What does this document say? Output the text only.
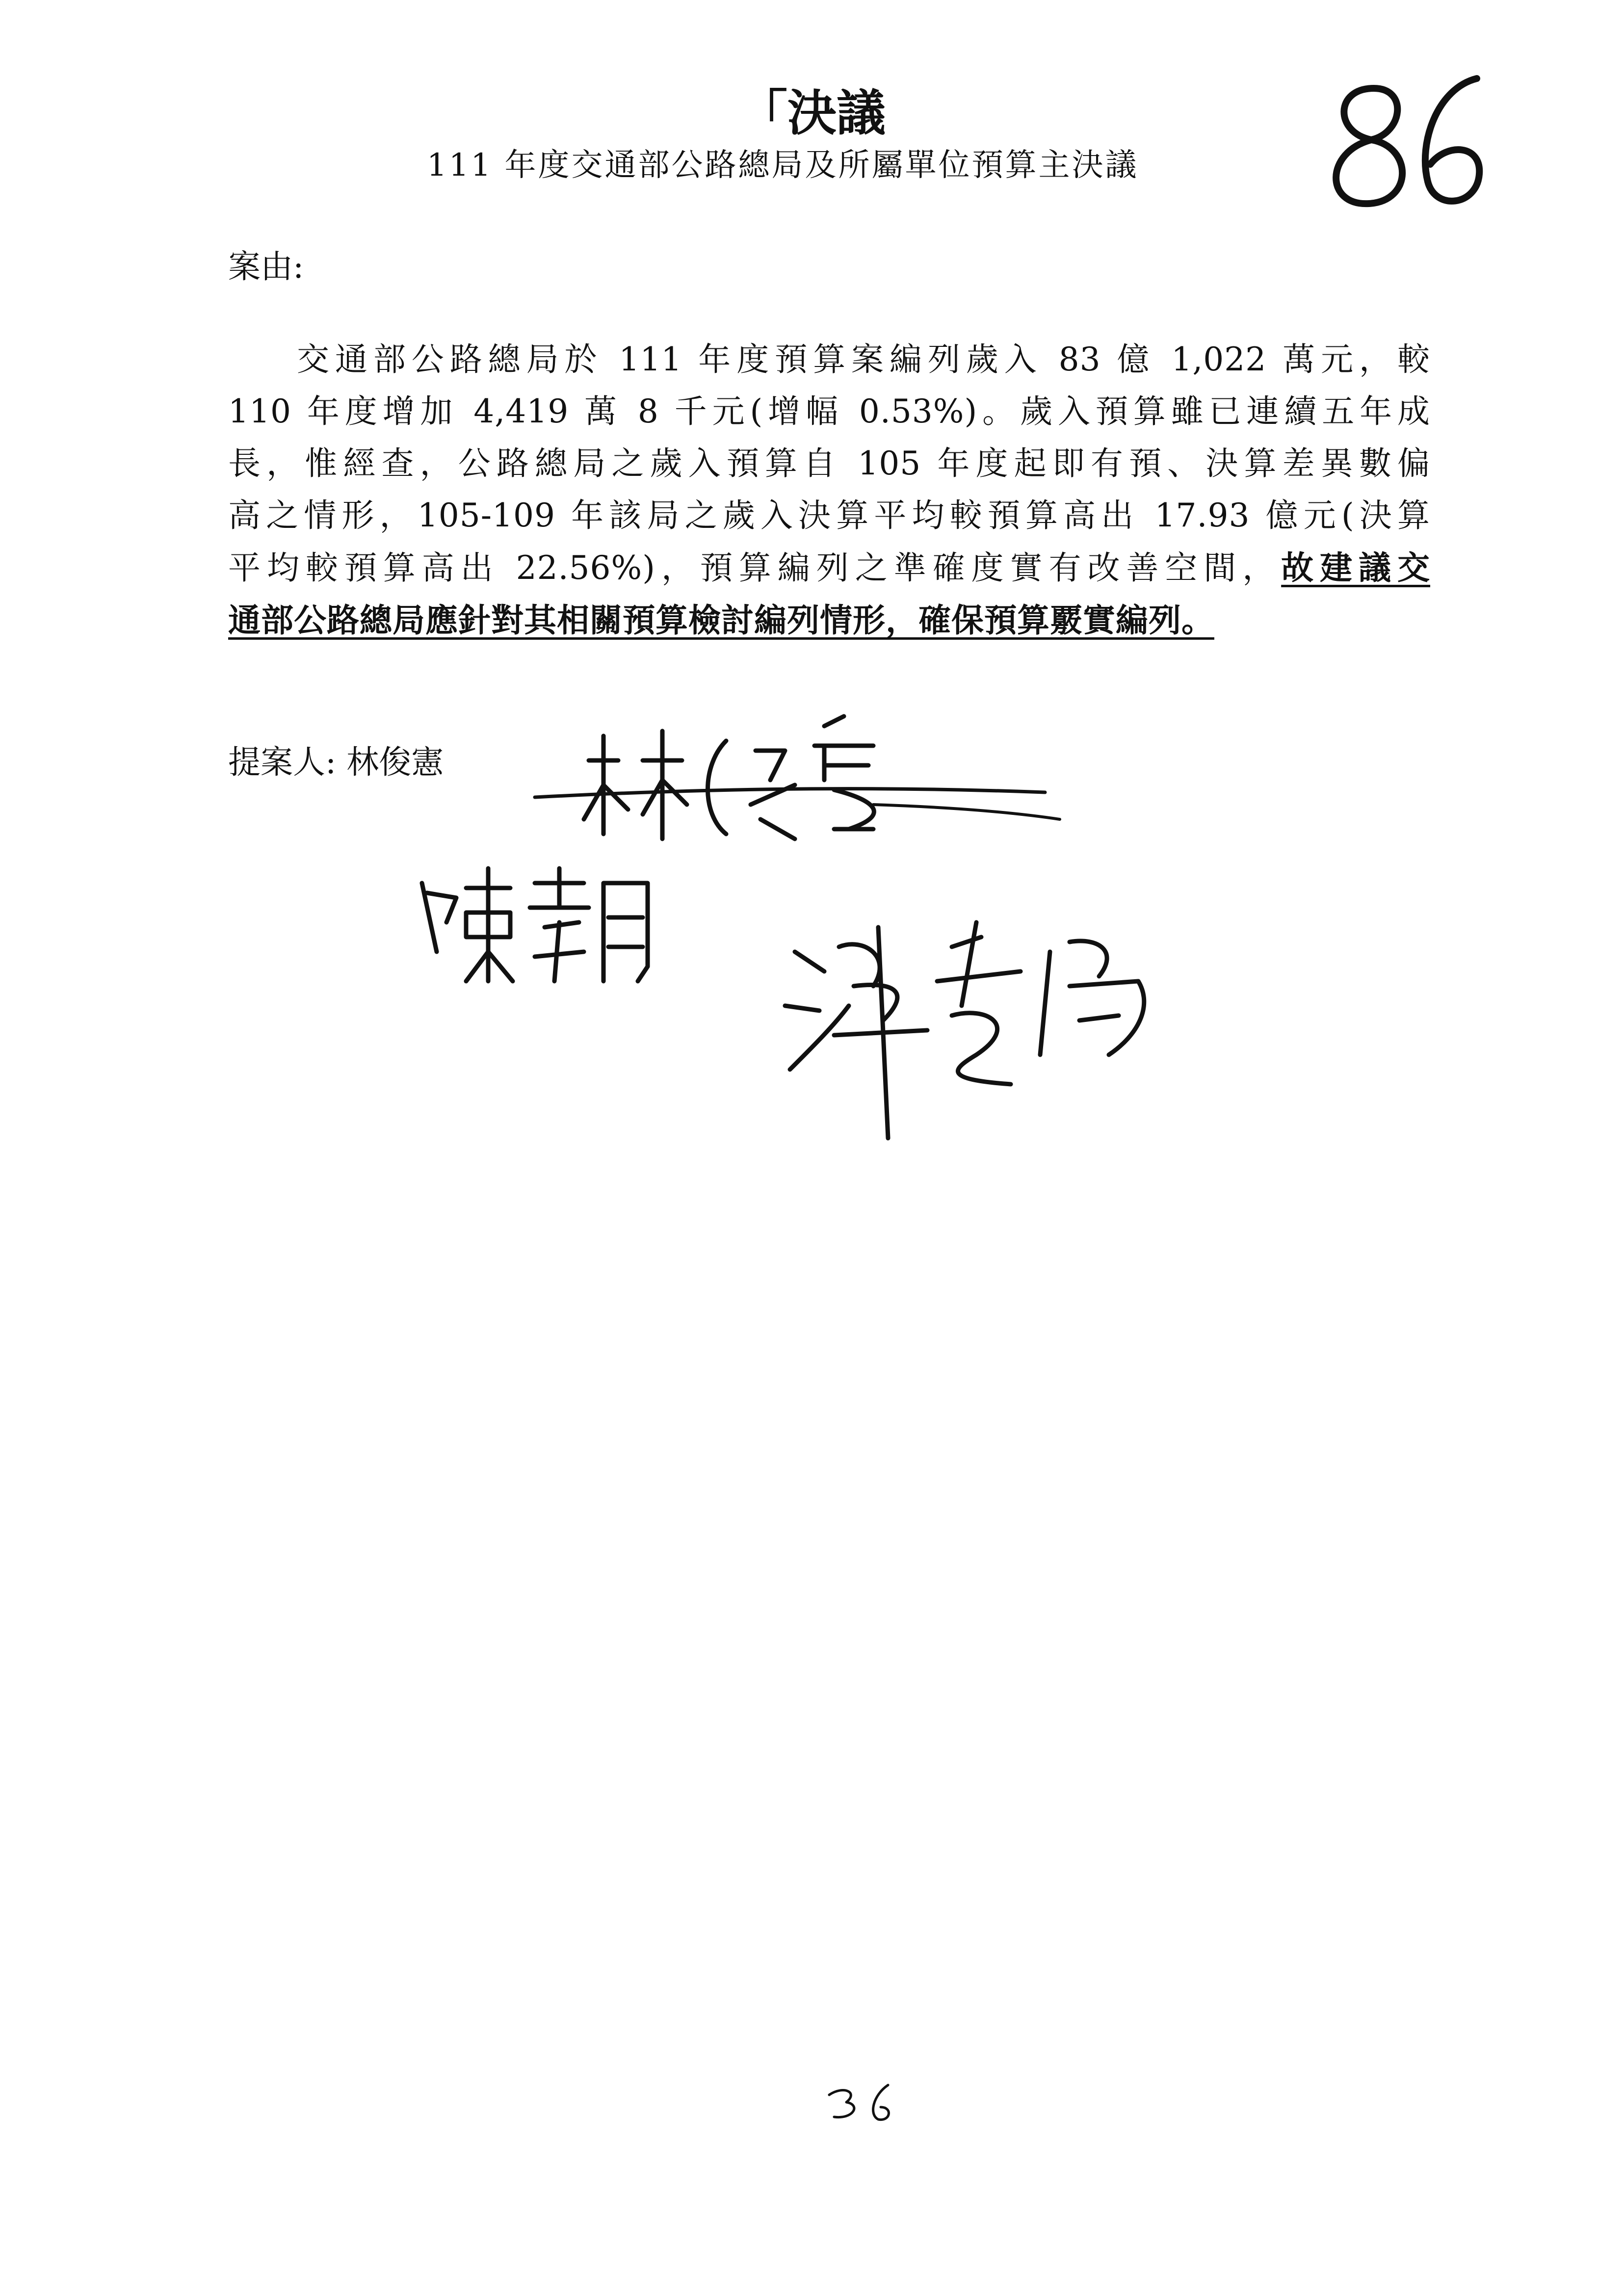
「決議
111 年度交通部公路總局及所屬單位預算主決議
案由:
交通部公路總局於 111 年度預算案編列歲入 83 億 1,022 萬元，較
110 年度增加 4,419 萬 8 千元(增幅 0.53%)。歲入預算雖已連續五年成
長，惟經查，公路總局之歲入預算自 105 年度起即有預、決算差異數偏
高之情形，105-109 年該局之歲入決算平均較預算高出 17.93 億元(決算
平均較預算高出 22.56%)，預算編列之準確度實有改善空間，故建議交
通部公路總局應針對其相關預算檢討編列情形，確保預算覈實編列。
提案人: 林俊憲
